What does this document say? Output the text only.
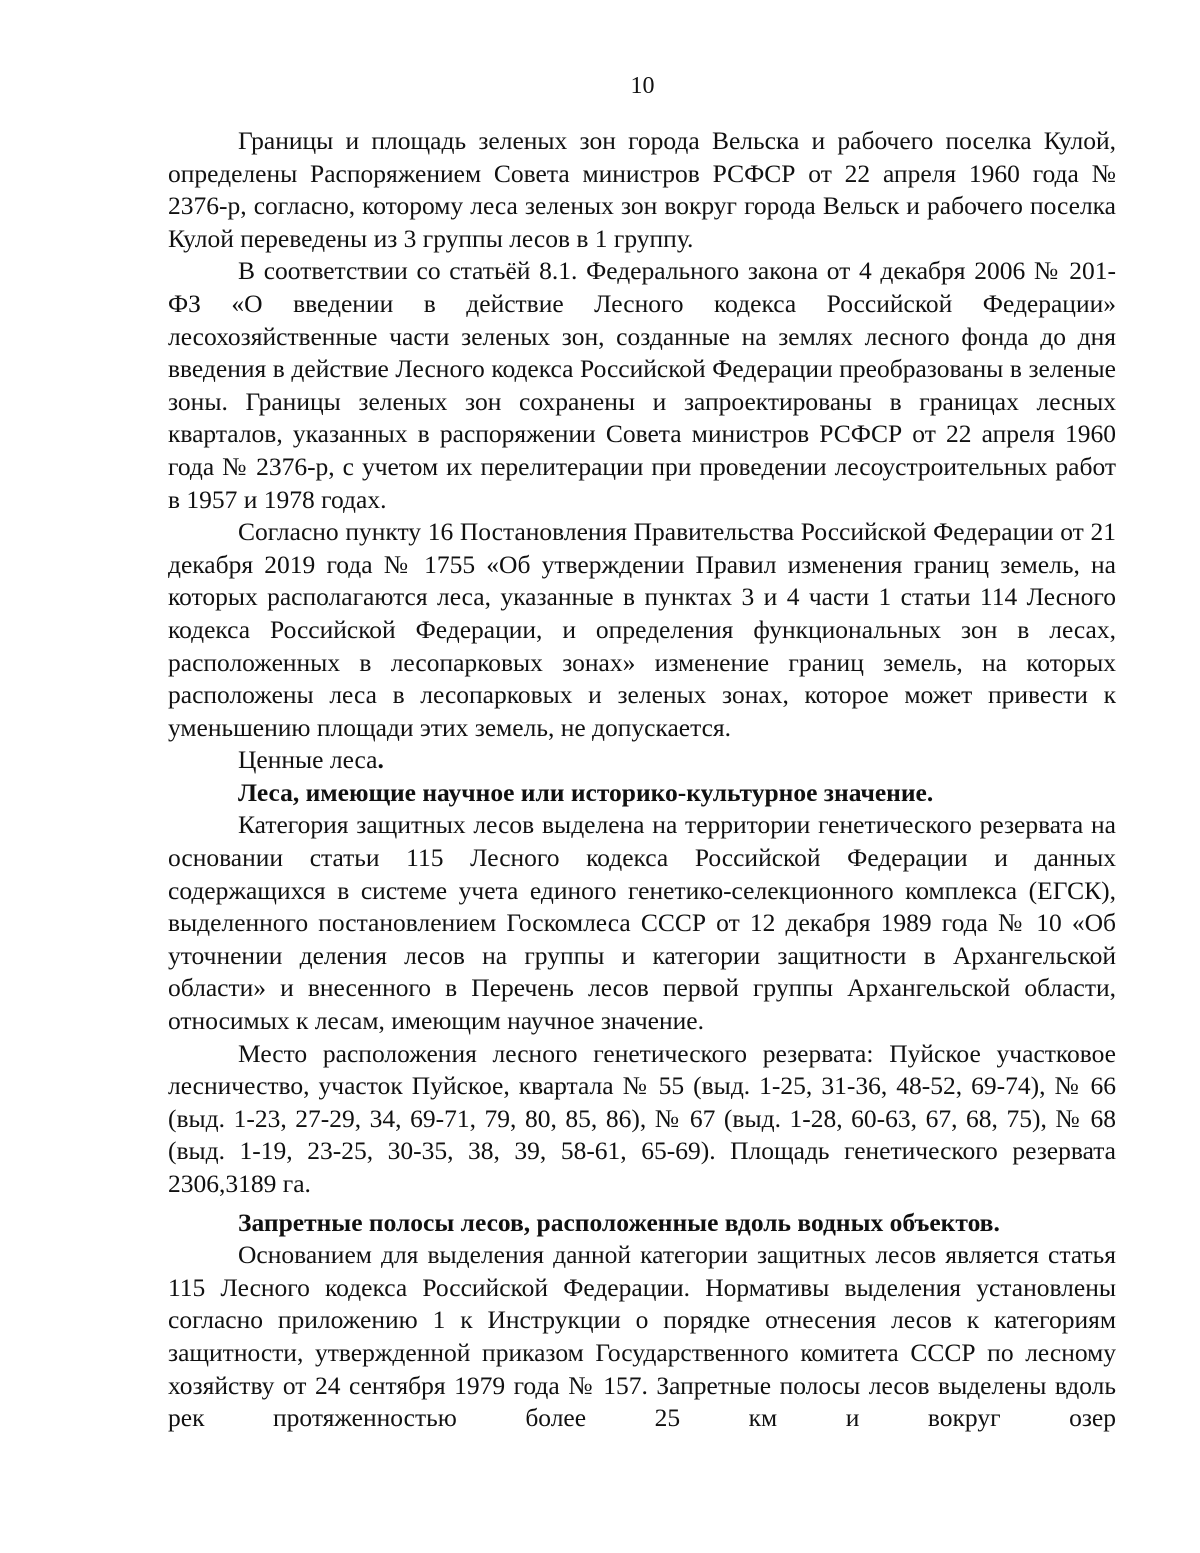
10

Границы и площадь зеленых зон города Вельска и рабочего поселка Кулой, определены Распоряжением Совета министров РСФСР от 22 апреля 1960 года № 2376-р, согласно, которому леса зеленых зон вокруг города Вельск и рабочего поселка Кулой переведены из 3 группы лесов в 1 группу.

В соответствии со статьёй 8.1. Федерального закона от 4 декабря 2006 № 201-ФЗ «О введении в действие Лесного кодекса Российской Федерации» лесохозяйственные части зеленых зон, созданные на землях лесного фонда до дня введения в действие Лесного кодекса Российской Федерации преобразованы в зеленые зоны. Границы зеленых зон сохранены и запроектированы в границах лесных кварталов, указанных в распоряжении Совета министров РСФСР от 22 апреля 1960 года № 2376-р, с учетом их перелитерации при проведении лесоустроительных работ в 1957 и 1978 годах.

Согласно пункту 16 Постановления Правительства Российской Федерации от 21 декабря 2019 года № 1755 «Об утверждении Правил изменения границ земель, на которых располагаются леса, указанные в пунктах 3 и 4 части 1 статьи 114 Лесного кодекса Российской Федерации, и определения функциональных зон в лесах, расположенных в лесопарковых зонах» изменение границ земель, на которых расположены леса в лесопарковых и зеленых зонах, которое может привести к уменьшению площади этих земель, не допускается.

Ценные леса.

Леса, имеющие научное или историко-культурное значение.

Категория защитных лесов выделена на территории генетического резервата на основании статьи 115 Лесного кодекса Российской Федерации и данных содержащихся в системе учета единого генетико-селекционного комплекса (ЕГСК), выделенного постановлением Госкомлеса СССР от 12 декабря 1989 года № 10 «Об уточнении деления лесов на группы и категории защитности в Архангельской области» и внесенного в Перечень лесов первой группы Архангельской области, относимых к лесам, имеющим научное значение.

Место расположения лесного генетического резервата: Пуйское участковое лесничество, участок Пуйское, квартала № 55 (выд. 1-25, 31-36, 48-52, 69-74), № 66 (выд. 1-23, 27-29, 34, 69-71, 79, 80, 85, 86), № 67 (выд. 1-28, 60-63, 67, 68, 75), № 68 (выд. 1-19, 23-25, 30-35, 38, 39, 58-61, 65-69). Площадь генетического резервата 2306,3189 га.

Запретные полосы лесов, расположенные вдоль водных объектов.

Основанием для выделения данной категории защитных лесов является статья 115 Лесного кодекса Российской Федерации. Нормативы выделения установлены согласно приложению 1 к Инструкции о порядке отнесения лесов к категориям защитности, утвержденной приказом Государственного комитета СССР по лесному хозяйству от 24 сентября 1979 года № 157. Запретные полосы лесов выделены вдоль рек протяженностью более 25 км и вокруг озер
